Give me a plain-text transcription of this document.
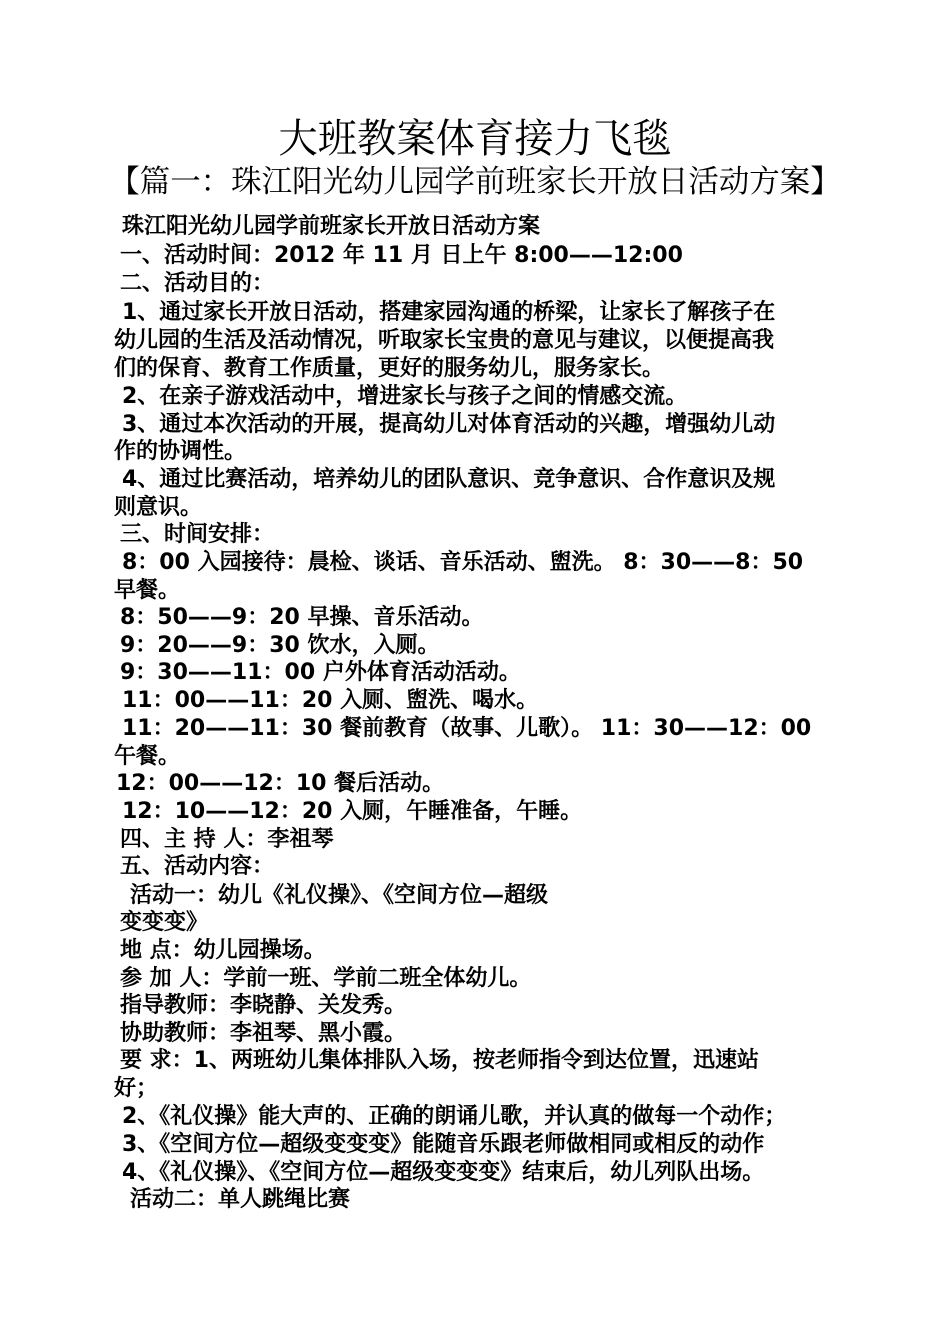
大班教案体育接力飞毯
【篇一：珠江阳光幼儿园学前班家长开放日活动方案】
珠江阳光幼儿园学前班家长开放日活动方案
一、活动时间：2012 年 11 月 日上午 8:00——12:00
二、活动目的：
1、通过家长开放日活动，搭建家园沟通的桥梁，让家长了解孩子在
幼儿园的生活及活动情况，听取家长宝贵的意见与建议，以便提高我
们的保育、教育工作质量，更好的服务幼儿，服务家长。
2、在亲子游戏活动中，增进家长与孩子之间的情感交流。
3、通过本次活动的开展，提高幼儿对体育活动的兴趣，增强幼儿动
作的协调性。
4、通过比赛活动，培养幼儿的团队意识、竞争意识、合作意识及规
则意识。
三、时间安排：
8：00 入园接待：晨检、谈话、音乐活动、盥洗。 8：30——8：50
早餐。
8：50——9：20 早操、音乐活动。
9：20——9：30 饮水，入厕。
9：30——11：00 户外体育活动活动。
11：00——11：20 入厕、盥洗、喝水。
11：20——11：30 餐前教育（故事、儿歌）。 11：30——12：00
午餐。
12：00——12：10 餐后活动。
12：10——12：20 入厕，午睡准备，午睡。
四、主 持 人：李祖琴
五、活动内容：
活动一：幼儿《礼仪操》、《空间方位—超级
变变变》
地 点：幼儿园操场。
参 加 人：学前一班、学前二班全体幼儿。
指导教师：李晓静、关发秀。
协助教师：李祖琴、黑小霞。
要 求：1、两班幼儿集体排队入场，按老师指令到达位置，迅速站
好；
2、《礼仪操》能大声的、正确的朗诵儿歌，并认真的做每一个动作；
3、《空间方位—超级变变变》能随音乐跟老师做相同或相反的动作
4、《礼仪操》、《空间方位—超级变变变》结束后，幼儿列队出场。
活动二：单人跳绳比赛
